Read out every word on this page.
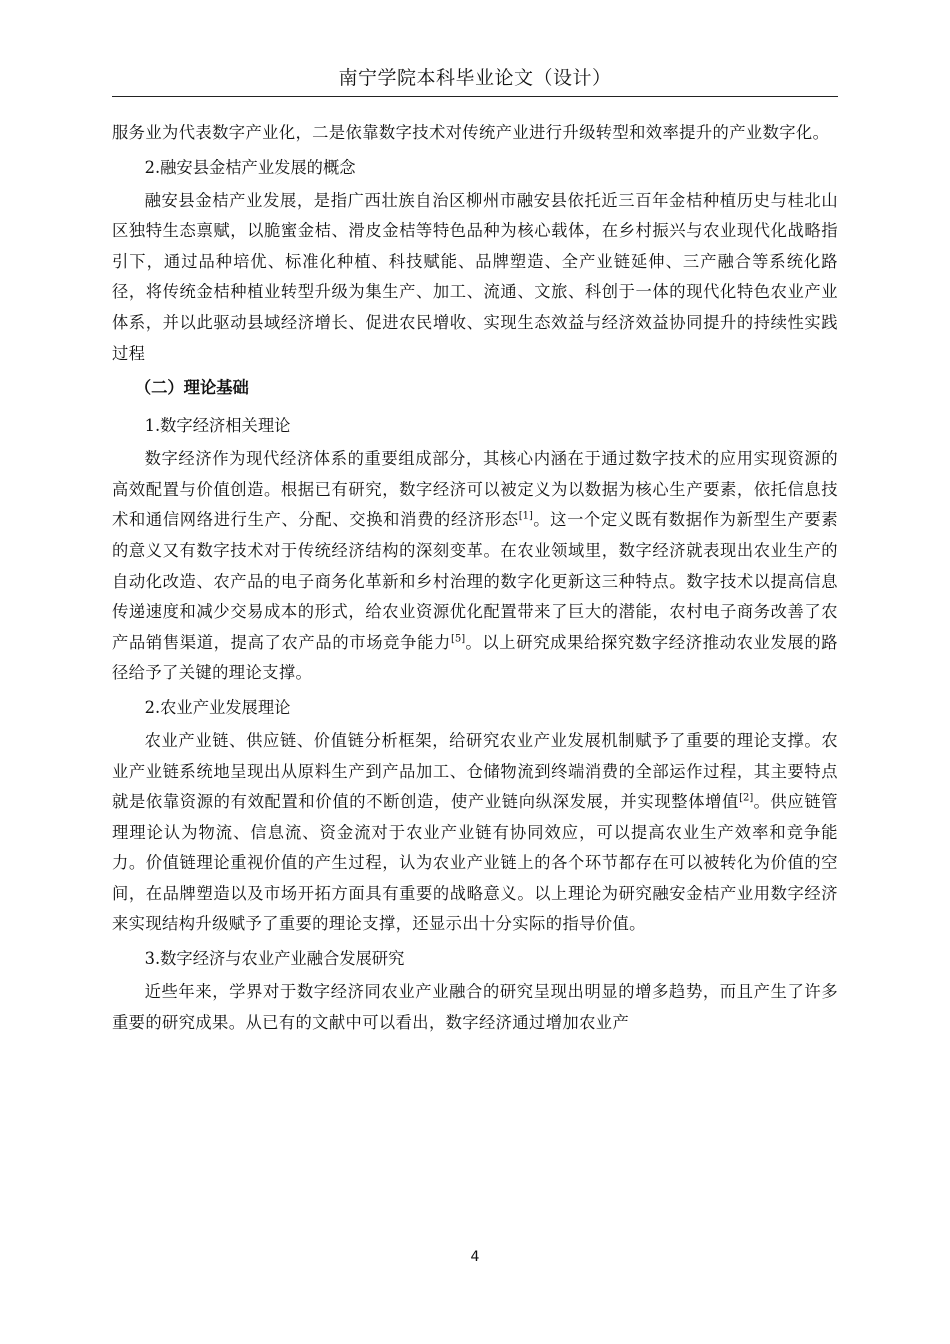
南宁学院本科毕业论文（设计）

服务业为代表数字产业化，二是依靠数字技术对传统产业进行升级转型和效率提升的产业数字化。

2.融安县金桔产业发展的概念

融安县金桔产业发展，是指广西壮族自治区柳州市融安县依托近三百年金桔种植历史与桂北山区独特生态禀赋，以脆蜜金桔、滑皮金桔等特色品种为核心载体，在乡村振兴与农业现代化战略指引下，通过品种培优、标准化种植、科技赋能、品牌塑造、全产业链延伸、三产融合等系统化路径，将传统金桔种植业转型升级为集生产、加工、流通、文旅、科创于一体的现代化特色农业产业体系，并以此驱动县域经济增长、促进农民增收、实现生态效益与经济效益协同提升的持续性实践过程

（二）理论基础

1.数字经济相关理论

数字经济作为现代经济体系的重要组成部分，其核心内涵在于通过数字技术的应用实现资源的高效配置与价值创造。根据已有研究，数字经济可以被定义为以数据为核心生产要素，依托信息技术和通信网络进行生产、分配、交换和消费的经济形态[1]。这一个定义既有数据作为新型生产要素的意义又有数字技术对于传统经济结构的深刻变革。在农业领域里，数字经济就表现出农业生产的自动化改造、农产品的电子商务化革新和乡村治理的数字化更新这三种特点。数字技术以提高信息传递速度和减少交易成本的形式，给农业资源优化配置带来了巨大的潜能，农村电子商务改善了农产品销售渠道，提高了农产品的市场竞争能力[5]。以上研究成果给探究数字经济推动农业发展的路径给予了关键的理论支撑。

2.农业产业发展理论

农业产业链、供应链、价值链分析框架，给研究农业产业发展机制赋予了重要的理论支撑。农业产业链系统地呈现出从原料生产到产品加工、仓储物流到终端消费的全部运作过程，其主要特点就是依靠资源的有效配置和价值的不断创造，使产业链向纵深发展，并实现整体增值[2]。供应链管理理论认为物流、信息流、资金流对于农业产业链有协同效应，可以提高农业生产效率和竞争能力。价值链理论重视价值的产生过程，认为农业产业链上的各个环节都存在可以被转化为价值的空间，在品牌塑造以及市场开拓方面具有重要的战略意义。以上理论为研究融安金桔产业用数字经济来实现结构升级赋予了重要的理论支撑，还显示出十分实际的指导价值。

3.数字经济与农业产业融合发展研究

近些年来，学界对于数字经济同农业产业融合的研究呈现出明显的增多趋势，而且产生了许多重要的研究成果。从已有的文献中可以看出，数字经济通过增加农业产

4
